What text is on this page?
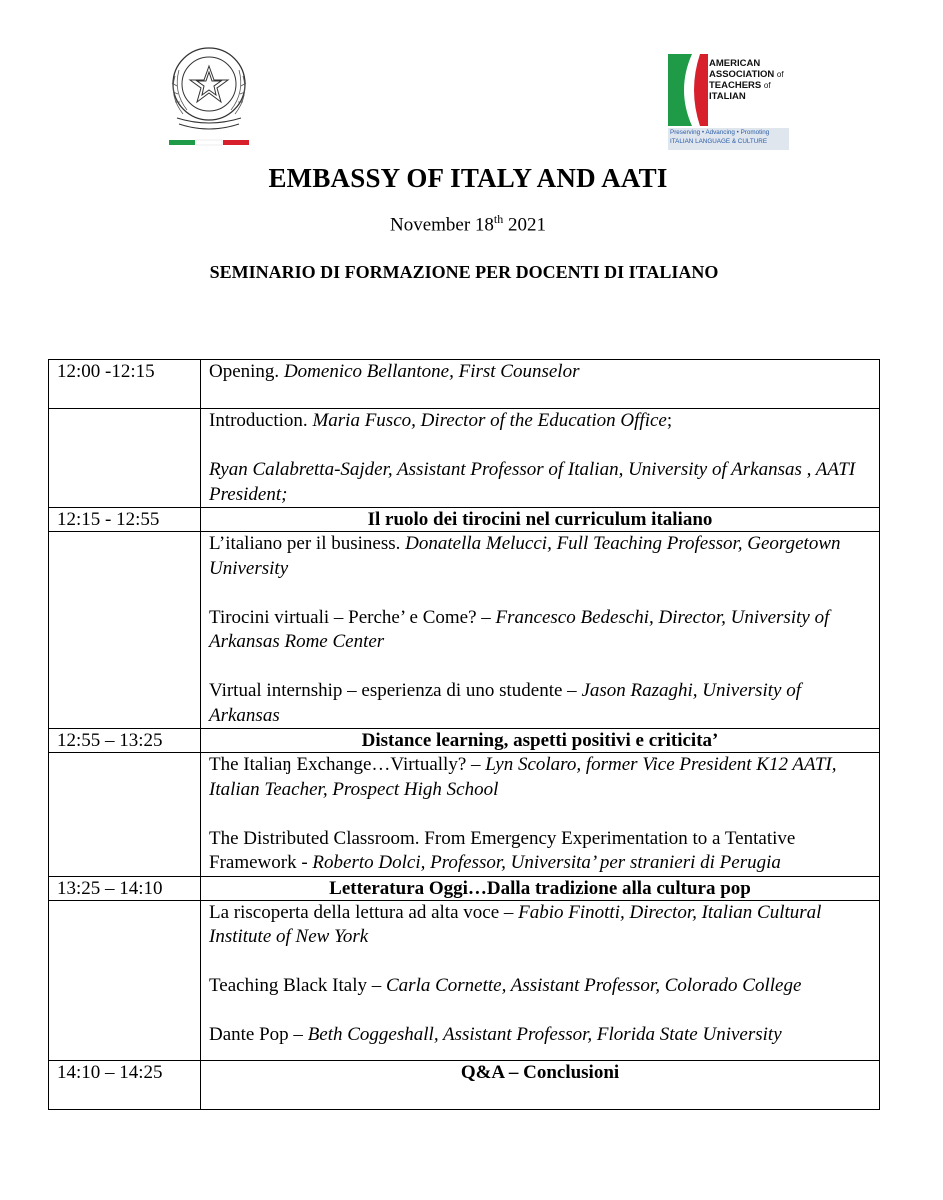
AMERICAN
ASSOCIATION of
TEACHERS of
ITALIAN
Preserving • Advancing • Promoting
ITALIAN LANGUAGE & CULTURE
EMBASSY OF ITALY AND AATI
November 18th 2021
SEMINARIO DI FORMAZIONE PER DOCENTI DI ITALIANO
12:00 -12:15	Opening. Domenico Bellantone, First Counselor

	Introduction. Maria Fusco, Director of the Education Office;
Ryan Calabretta-Sajder, Assistant Professor of Italian, University of Arkansas , AATI President;

12:15 - 12:55	Il ruolo dei tirocini nel curriculum italiano

	L’italiano per il business. Donatella Melucci, Full Teaching Professor, Georgetown University
Tirocini virtuali – Perche’ e Come? – Francesco Bedeschi, Director, University of Arkansas Rome Center
Virtual internship – esperienza di uno studente – Jason Razaghi, University of Arkansas

12:55 – 13:25	Distance learning, aspetti positivi e criticita’

	The Italiaŋ Exchange…Virtually? – Lyn Scolaro, former Vice President K12 AATI, Italian Teacher, Prospect High School
The Distributed Classroom. From Emergency Experimentation to a Tentative Framework - Roberto Dolci, Professor, Universita’ per stranieri di Perugia

13:25 – 14:10	Letteratura Oggi…Dalla tradizione alla cultura pop

	La riscoperta della lettura ad alta voce – Fabio Finotti, Director, Italian Cultural Institute of New York
Teaching Black Italy – Carla Cornette, Assistant Professor, Colorado College
Dante Pop – Beth Coggeshall, Assistant Professor, Florida State University

14:10 – 14:25	Q&A – Conclusioni
